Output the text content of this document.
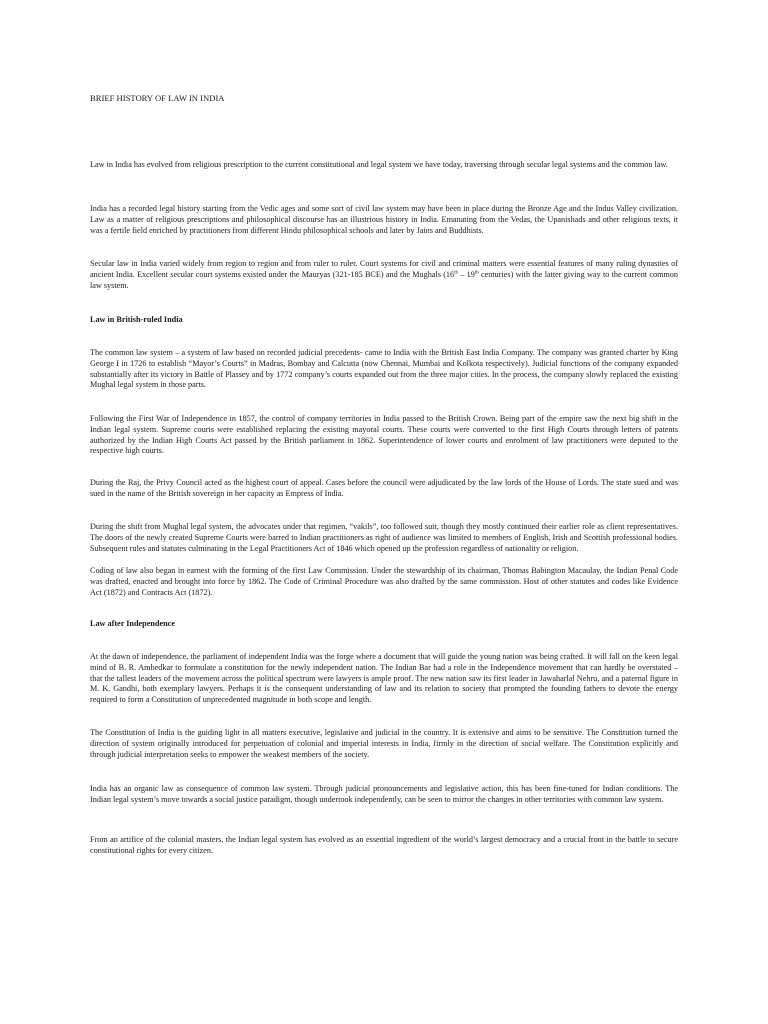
BRIEF HISTORY OF LAW IN INDIA

Law in India has evolved from religious prescription to the current constitutional and legal system we have today, traversing through secular legal systems and the common law.

India has a recorded legal history starting from the Vedic ages and some sort of civil law system may have been in place during the Bronze Age and the Indus Valley civilization. Law as a matter of religious prescriptions and philosophical discourse has an illustrious history in India. Emanating from the Vedas, the Upanishads and other religious texts, it was a fertile field enriched by practitioners from different Hindu philosophical schools and later by Jains and Buddhists.

Secular law in India varied widely from region to region and from ruler to ruler. Court systems for civil and criminal matters were essential features of many ruling dynasties of ancient India. Excellent secular court systems existed under the Mauryas (321-185 BCE) and the Mughals (16th – 19th centuries) with the latter giving way to the current common law system.

Law in British-ruled India

The common law system – a system of law based on recorded judicial precedents- came to India with the British East India Company. The company was granted charter by King George I in 1726 to establish “Mayor’s Courts” in Madras, Bombay and Calcutta (now Chennai, Mumbai and Kolkota respectively). Judicial functions of the company expanded substantially after its victory in Battle of Plassey and by 1772 company’s courts expanded out from the three major cities. In the process, the company slowly replaced the existing Mughal legal system in those parts.

Following the First War of Independence in 1857, the control of company territories in India passed to the British Crown. Being part of the empire saw the next big shift in the Indian legal system. Supreme courts were established replacing the existing mayoral courts. These courts were converted to the first High Courts through letters of patents authorized by the Indian High Courts Act passed by the British parliament in 1862. Superintendence of lower courts and enrolment of law practitioners were deputed to the respective high courts.

During the Raj, the Privy Council acted as the highest court of appeal. Cases before the council were adjudicated by the law lords of the House of Lords. The state sued and was sued in the name of the British sovereign in her capacity as Empress of India.

During the shift from Mughal legal system, the advocates under that regimen, “vakils”, too followed suit, though they mostly continued their earlier role as client representatives. The doors of the newly created Supreme Courts were barred to Indian practitioners as right of audience was limited to members of English, Irish and Scottish professional bodies. Subsequent rules and statutes culminating in the Legal Practitioners Act of 1846 which opened up the profession regardless of nationality or religion.

Coding of law also began in earnest with the forming of the first Law Commission. Under the stewardship of its chairman, Thomas Babington Macaulay, the Indian Penal Code was drafted, enacted and brought into force by 1862. The Code of Criminal Procedure was also drafted by the same commission. Host of other statutes and codes like Evidence Act (1872) and Contracts Act (1872).

Law after Independence

At the dawn of independence, the parliament of independent India was the forge where a document that will guide the young nation was being crafted. It will fall on the keen legal mind of B. R. Ambedkar to formulate a constitution for the newly independent nation. The Indian Bar had a role in the Independence movement that can hardly be overstated – that the tallest leaders of the movement across the political spectrum were lawyers is ample proof. The new nation saw its first leader in Jawaharlal Nehru, and a paternal figure in M. K. Gandhi, both exemplary lawyers. Perhaps it is the consequent understanding of law and its relation to society that prompted the founding fathers to devote the energy required to form a Constitution of unprecedented magnitude in both scope and length.

The Constitution of India is the guiding light in all matters executive, legislative and judicial in the country. It is extensive and aims to be sensitive. The Constitution turned the direction of system originally introduced for perpetuation of colonial and imperial interests in India, firmly in the direction of social welfare. The Constitution explicitly and through judicial interpretation seeks to empower the weakest members of the society.

India has an organic law as consequence of common law system. Through judicial pronouncements and legislative action, this has been fine-tuned for Indian conditions. The Indian legal system’s move towards a social justice paradigm, though undertook independently, can be seen to mirror the changes in other territories with common law system.

From an artifice of the colonial masters, the Indian legal system has evolved as an essential ingredient of the world’s largest democracy and a crucial front in the battle to secure constitutional rights for every citizen.
